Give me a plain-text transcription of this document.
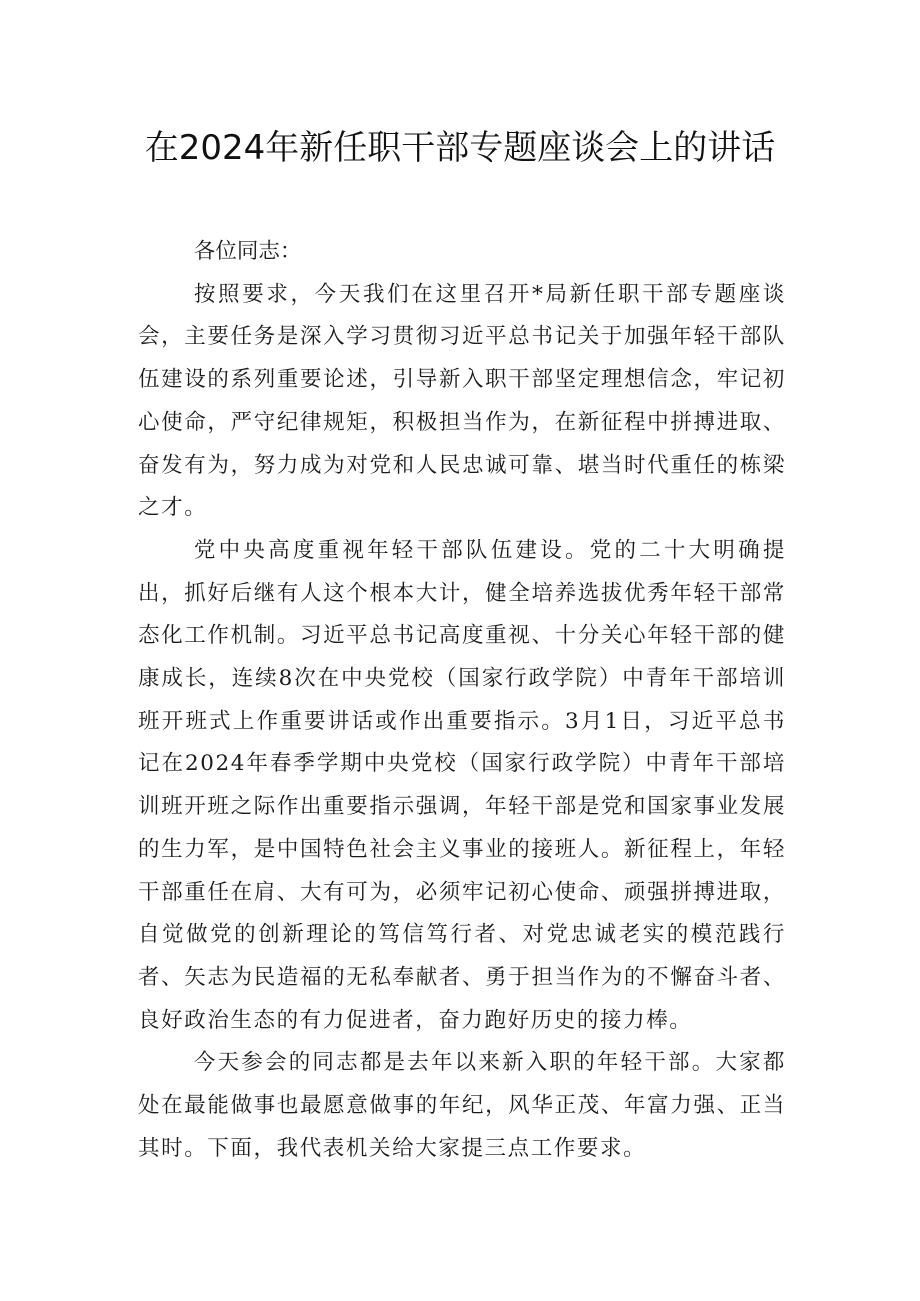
在2024年新任职干部专题座谈会上的讲话

各位同志：

按照要求，今天我们在这里召开*局新任职干部专题座谈会，主要任务是深入学习贯彻习近平总书记关于加强年轻干部队伍建设的系列重要论述，引导新入职干部坚定理想信念，牢记初心使命，严守纪律规矩，积极担当作为，在新征程中拼搏进取、奋发有为，努力成为对党和人民忠诚可靠、堪当时代重任的栋梁之才。

党中央高度重视年轻干部队伍建设。党的二十大明确提出，抓好后继有人这个根本大计，健全培养选拔优秀年轻干部常态化工作机制。习近平总书记高度重视、十分关心年轻干部的健康成长，连续8次在中央党校（国家行政学院）中青年干部培训班开班式上作重要讲话或作出重要指示。3月1日，习近平总书记在2024年春季学期中央党校（国家行政学院）中青年干部培训班开班之际作出重要指示强调，年轻干部是党和国家事业发展的生力军，是中国特色社会主义事业的接班人。新征程上，年轻干部重任在肩、大有可为，必须牢记初心使命、顽强拼搏进取，自觉做党的创新理论的笃信笃行者、对党忠诚老实的模范践行者、矢志为民造福的无私奉献者、勇于担当作为的不懈奋斗者、良好政治生态的有力促进者，奋力跑好历史的接力棒。

今天参会的同志都是去年以来新入职的年轻干部。大家都处在最能做事也最愿意做事的年纪，风华正茂、年富力强、正当其时。下面，我代表机关给大家提三点工作要求。
